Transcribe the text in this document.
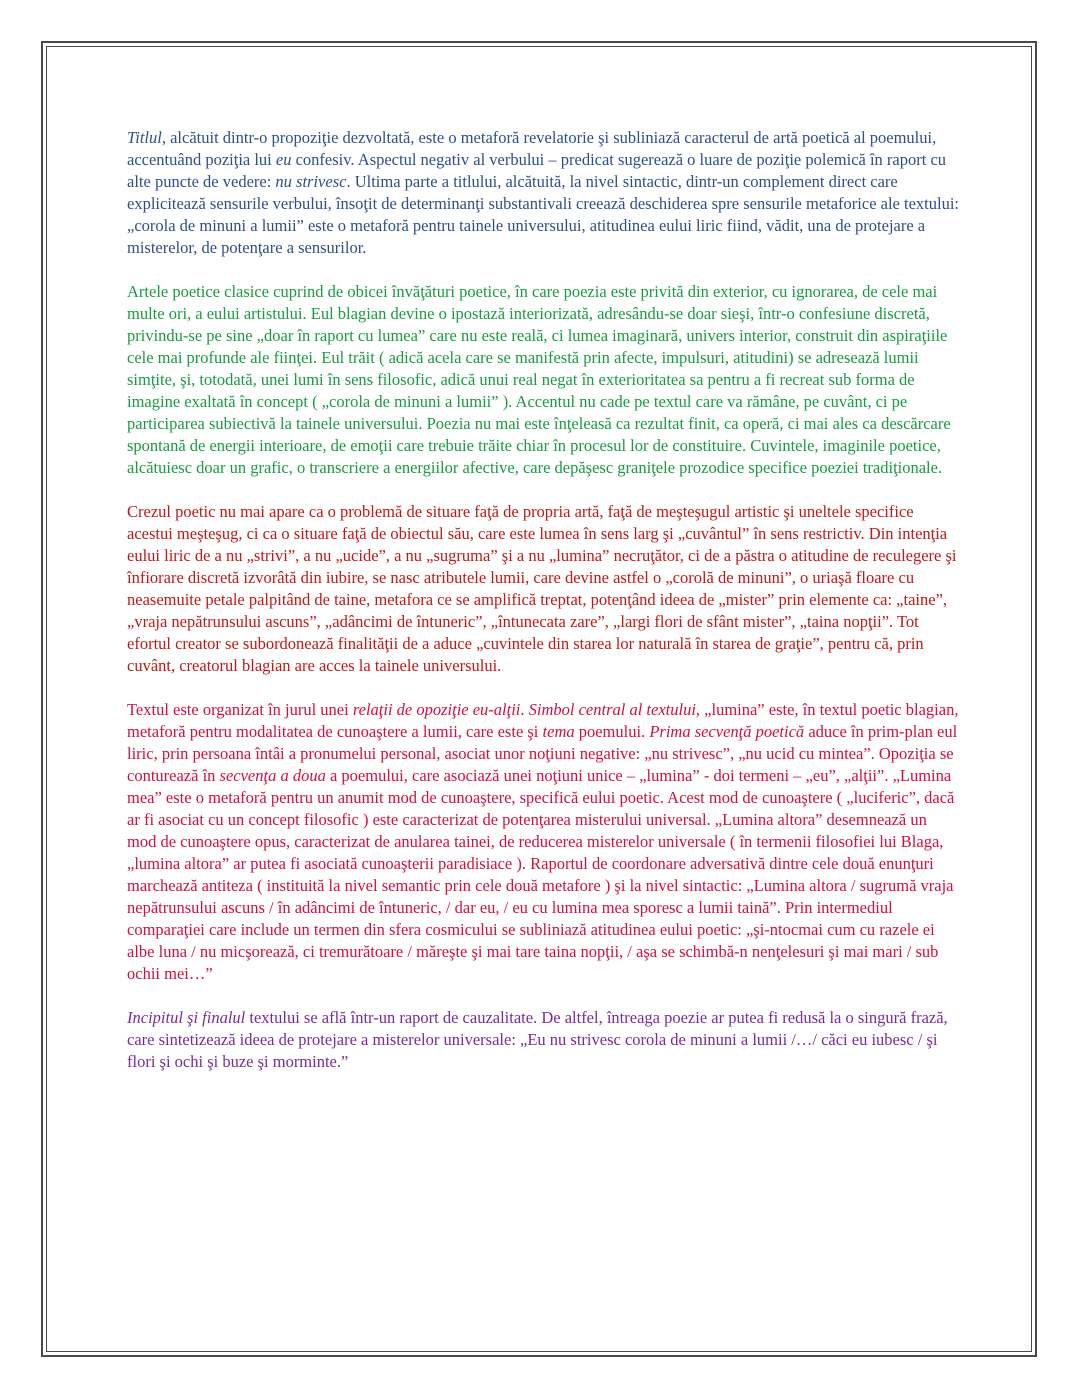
Titlul, alcătuit dintr-o propoziţie dezvoltată, este o metaforă revelatorie şi subliniază caracterul de artă poetică al poemului, accentuând poziţia lui eu confesiv. Aspectul negativ al verbului – predicat sugerează o luare de poziţie polemică în raport cu alte puncte de vedere: nu strivesc. Ultima parte a titlului, alcătuită, la nivel sintactic, dintr-un complement direct care explicitează sensurile verbului, însoţit de determinanţi substantivali creează deschiderea spre sensurile metaforice ale textului: „corola de minuni a lumii” este o metaforă pentru tainele universului, atitudinea eului liric fiind, vădit, una de protejare a misterelor, de potenţare a sensurilor.

Artele poetice clasice cuprind de obicei învăţături poetice, în care poezia este privită din exterior, cu ignorarea, de cele mai multe ori, a eului artistului. Eul blagian devine o ipostază interiorizată, adresându-se doar sieşi, într-o confesiune discretă, privindu-se pe sine „doar în raport cu lumea” care nu este reală, ci lumea imaginară, univers interior, construit din aspiraţiile cele mai profunde ale fiinţei. Eul trăit ( adică acela care se manifestă prin afecte, impulsuri, atitudini) se adresează lumii simţite, şi, totodată, unei lumi în sens filosofic, adică unui real negat în exterioritatea sa pentru a fi recreat sub forma de imagine exaltată în concept ( „corola de minuni a lumii” ). Accentul nu cade pe textul care va rămâne, pe cuvânt, ci pe participarea subiectivă la tainele universului. Poezia nu mai este înţeleasă ca rezultat finit, ca operă, ci mai ales ca descărcare spontană de energii interioare, de emoţii care trebuie trăite chiar în procesul lor de constituire. Cuvintele, imaginile poetice, alcătuiesc doar un grafic, o transcriere a energiilor afective, care depăşesc graniţele prozodice specifice poeziei tradiţionale.

Crezul poetic nu mai apare ca o problemă de situare faţă de propria artă, faţă de meşteşugul artistic şi uneltele specifice acestui meşteşug, ci ca o situare faţă de obiectul său, care este lumea în sens larg şi „cuvântul” în sens restrictiv. Din intenţia eului liric de a nu „strivi”, a nu „ucide”, a nu „sugruma” şi a nu „lumina” necruţător, ci de a păstra o atitudine de reculegere şi înfiorare discretă izvorâtă din iubire, se nasc atributele lumii, care devine astfel o „corolă de minuni”, o uriaşă floare cu neasemuite petale palpitând de taine, metafora ce se amplifică treptat, potenţând ideea de „mister” prin elemente ca: „taine”, „vraja nepătrunsului ascuns”, „adâncimi de întuneric”, „întunecata zare”, „largi flori de sfânt mister”, „taina nopţii”. Tot efortul creator se subordonează finalităţii de a aduce „cuvintele din starea lor naturală în starea de graţie”, pentru că, prin cuvânt, creatorul blagian are acces la tainele universului.

Textul este organizat în jurul unei relaţii de opoziţie eu-alţii. Simbol central al textului, „lumina” este, în textul poetic blagian, metaforă pentru modalitatea de cunoaştere a lumii, care este şi tema poemului. Prima secvenţă poetică aduce în prim-plan eul liric, prin persoana întâi a pronumelui personal, asociat unor noţiuni negative: „nu strivesc”, „nu ucid cu mintea”. Opoziţia se conturează în secvenţa a doua a poemului, care asociază unei noţiuni unice – „lumina” - doi termeni – „eu”, „alţii”. „Lumina mea” este o metaforă pentru un anumit mod de cunoaştere, specifică eului poetic. Acest mod de cunoaştere ( „luciferic”, dacă ar fi asociat cu un concept filosofic ) este caracterizat de potenţarea misterului universal. „Lumina altora” desemnează un mod de cunoaştere opus, caracterizat de anularea tainei, de reducerea misterelor universale ( în termenii filosofiei lui Blaga, „lumina altora” ar putea fi asociată cunoaşterii paradisiace ). Raportul de coordonare adversativă dintre cele două enunţuri marchează antiteza ( instituită la nivel semantic prin cele două metafore ) şi la nivel sintactic: „Lumina altora / sugrumă vraja nepătrunsului ascuns / în adâncimi de întuneric, / dar eu, / eu cu lumina mea sporesc a lumii taină”. Prin intermediul comparaţiei care include un termen din sfera cosmicului se subliniază atitudinea eului poetic: „şi-ntocmai cum cu razele ei albe luna / nu micşorează, ci tremurătoare / măreşte şi mai tare taina nopţii, / aşa se schimbă-n nenţelesuri şi mai mari / sub ochii mei…”

Incipitul şi finalul textului se află într-un raport de cauzalitate. De altfel, întreaga poezie ar putea fi redusă la o singură frază, care sintetizează ideea de protejare a misterelor universale: „Eu nu strivesc corola de minuni a lumii /…/ căci eu iubesc / şi flori şi ochi şi buze şi morminte.”
